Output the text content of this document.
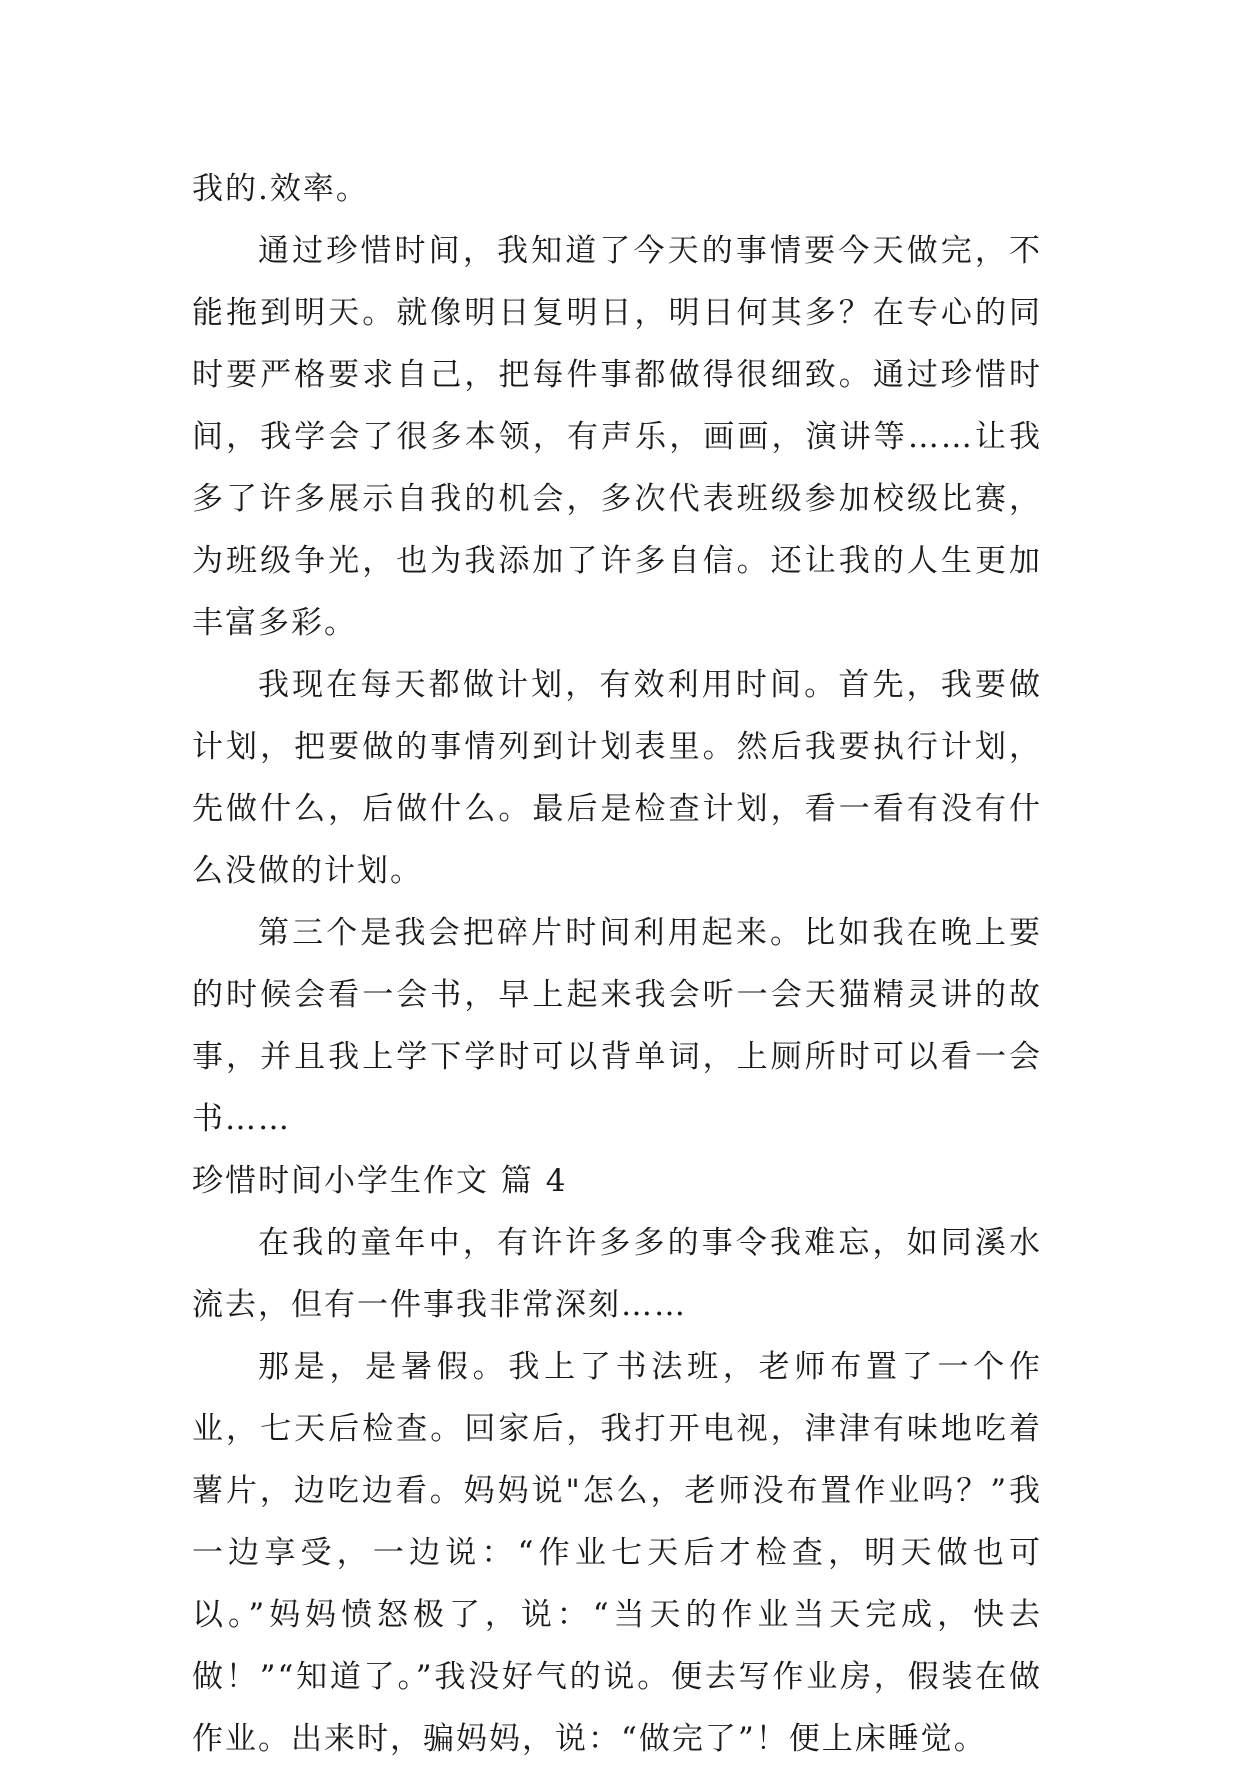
我的.效率。

通过珍惜时间，我知道了今天的事情要今天做完，不能拖到明天。就像明日复明日，明日何其多？在专心的同时要严格要求自己，把每件事都做得很细致。通过珍惜时间，我学会了很多本领，有声乐，画画，演讲等……让我多了许多展示自我的机会，多次代表班级参加校级比赛，为班级争光，也为我添加了许多自信。还让我的人生更加丰富多彩。

我现在每天都做计划，有效利用时间。首先，我要做计划，把要做的事情列到计划表里。然后我要执行计划，先做什么，后做什么。最后是检查计划，看一看有没有什么没做的计划。

第三个是我会把碎片时间利用起来。比如我在晚上要的时候会看一会书，早上起来我会听一会天猫精灵讲的故事，并且我上学下学时可以背单词，上厕所时可以看一会书……

珍惜时间小学生作文 篇 4

在我的童年中，有许许多多的事令我难忘，如同溪水流去，但有一件事我非常深刻……

那是，是暑假。我上了书法班，老师布置了一个作业，七天后检查。回家后，我打开电视，津津有味地吃着薯片，边吃边看。妈妈说"怎么，老师没布置作业吗？”我一边享受，一边说：“作业七天后才检查，明天做也可以。”妈妈愤怒极了，说：“当天的作业当天完成，快去做！”“知道了。”我没好气的说。便去写作业房，假装在做作业。出来时，骗妈妈，说：“做完了”！便上床睡觉。
